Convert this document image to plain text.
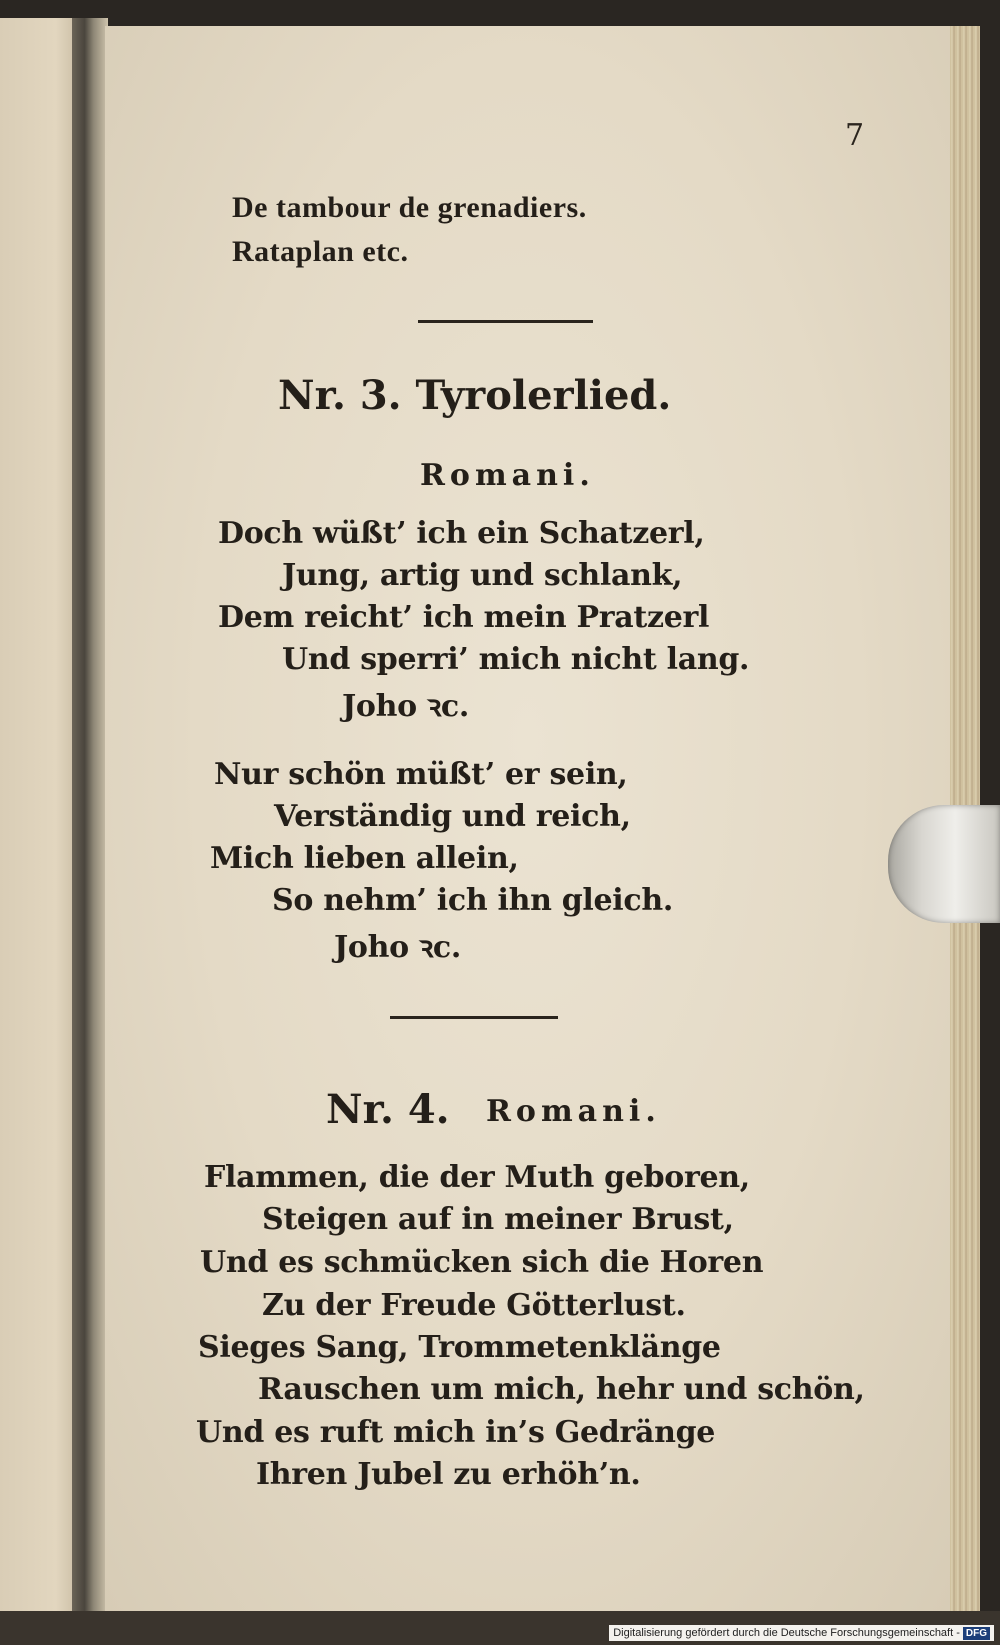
7
De tambour de grenadiers.
Rataplan etc.
Nr. 3. Tyrolerlied.
Romani.
Doch wüßt’ ich ein Schatzerl,
Jung, artig und schlank,
Dem reicht’ ich mein Pratzerl
Und sperri’ mich nicht lang.
Joho ꝛc.
Nur schön müßt’ er sein,
Verständig und reich,
Mich lieben allein,
So nehm’ ich ihn gleich.
Joho ꝛc.
Nr. 4. Romani.
Flammen, die der Muth geboren,
Steigen auf in meiner Brust,
Und es schmücken sich die Horen
Zu der Freude Götterlust.
Sieges Sang, Trommetenklänge
Rauschen um mich, hehr und schön,
Und es ruft mich in’s Gedränge
Ihren Jubel zu erhöh’n.
Digitalisierung gefördert durch die Deutsche Forschungsgemeinschaft - DFG
